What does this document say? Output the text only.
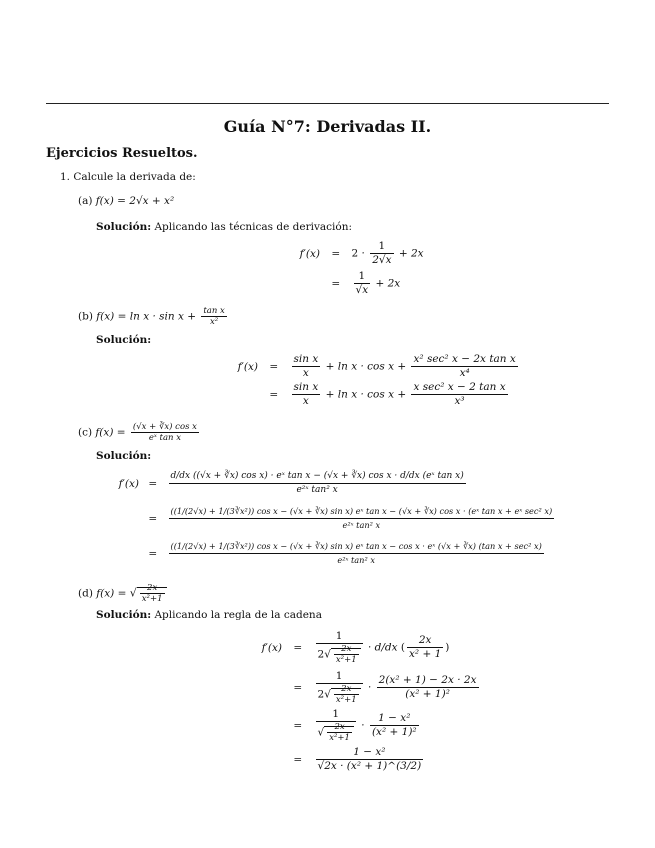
Guía N°7: Derivadas II.
Ejercicios Resueltos.
1. Calcule la derivada de:
(a) f(x) = 2√x + x²
Solución: Aplicando las técnicas de derivación:
$f'(x) = 2 \cdot \frac{1}{2√x} + 2x$
= $\frac{1}{√x} + 2x$
(b) $f(x) = \ln x \cdot \sin x + \frac{\text{tan x}}{\text{x²}}$
Solución:
$f'(x) = \frac{\text{sin x}}{x} + \ln x \cdot \cos x + \frac{\text{x² sec² x − 2x tan x}}{\text{x⁴}}$
= $\frac{\text{sin x}}{x} + \ln x \cdot \cos x + \frac{\text{x sec² x − 2 tan x}}{\text{x³}}$
(c) $f(x) = \frac{\text{(√x + ∛x) cos x}}{\text{eˣ tan x}}$
Solución:
f′(x) =
d/dx ((√x + ∛x) cos x) · eˣ tan x − (√x + ∛x) cos x · d/dx (eˣ tan x)
e²ˣ tan² x
=
((1/(2√x) + 1/(3∛x²)) cos x − (√x + ∛x) sin x) eˣ tan x − (√x + ∛x) cos x · (eˣ tan x + eˣ sec² x)
e²ˣ tan² x
=
((1/(2√x) + 1/(3∛x²)) cos x − (√x + ∛x) sin x) eˣ tan x − cos x · eˣ (√x + ∛x) (tan x + sec² x)
e²ˣ tan² x
(d) f(x) = √ $\frac{2x}{\text{x²+1}}$
Solución: Aplicando la regla de la cadena
$f'(x) = \frac{1}{2√ \frac{2x}{\text{x²+1}}} \cdot d/dx$ ( $\frac{2x}{\text{x² + 1}}$ )
= $\frac{1}{2√ \frac{2x}{\text{x²+1}}} \cdot \frac{\text{2(x² + 1) − 2x · 2x}}{\text{(x² + 1)²}}$
= $\frac{1}{√ \frac{2x}{\text{x²+1}}} \cdot \frac{\text{1 − x²}}{\text{(x² + 1)²}}$
= $\frac{\text{1 − x²}}{\text{√2x · (x² + 1)\textasciicircum{}(3/2)}}$
